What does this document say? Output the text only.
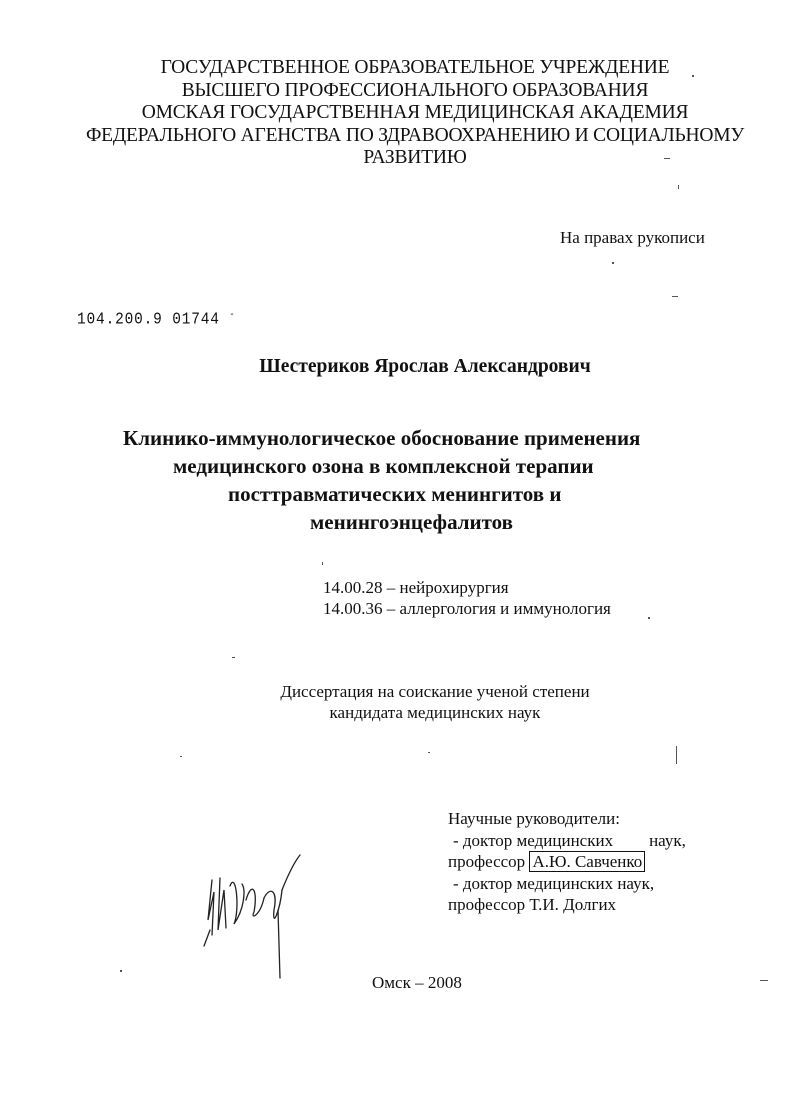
ГОСУДАРСТВЕННОЕ ОБРАЗОВАТЕЛЬНОЕ УЧРЕЖДЕНИЕ
ВЫСШЕГО ПРОФЕССИОНАЛЬНОГО ОБРАЗОВАНИЯ
ОМСКАЯ ГОСУДАРСТВЕННАЯ МЕДИЦИНСКАЯ АКАДЕМИЯ
ФЕДЕРАЛЬНОГО АГЕНСТВА ПО ЗДРАВООХРАНЕНИЮ И СОЦИАЛЬНОМУ
РАЗВИТИЮ
На правах рукописи
104.200.9 01744 -
Шестериков Ярослав Александрович
Клинико-иммунологическое обоснование применения
медицинского озона в комплексной терапии
посттравматических менингитов и
менингоэнцефалитов
14.00.28 – нейрохирургия
14.00.36 – аллергология и иммунология
Диссертация на соискание ученой степени
кандидата медицинских наук
Научные руководители:
- доктор медицинских наук,
профессор А.Ю. Савченко
- доктор медицинских наук,
профессор Т.И. Долгих
Омск – 2008
